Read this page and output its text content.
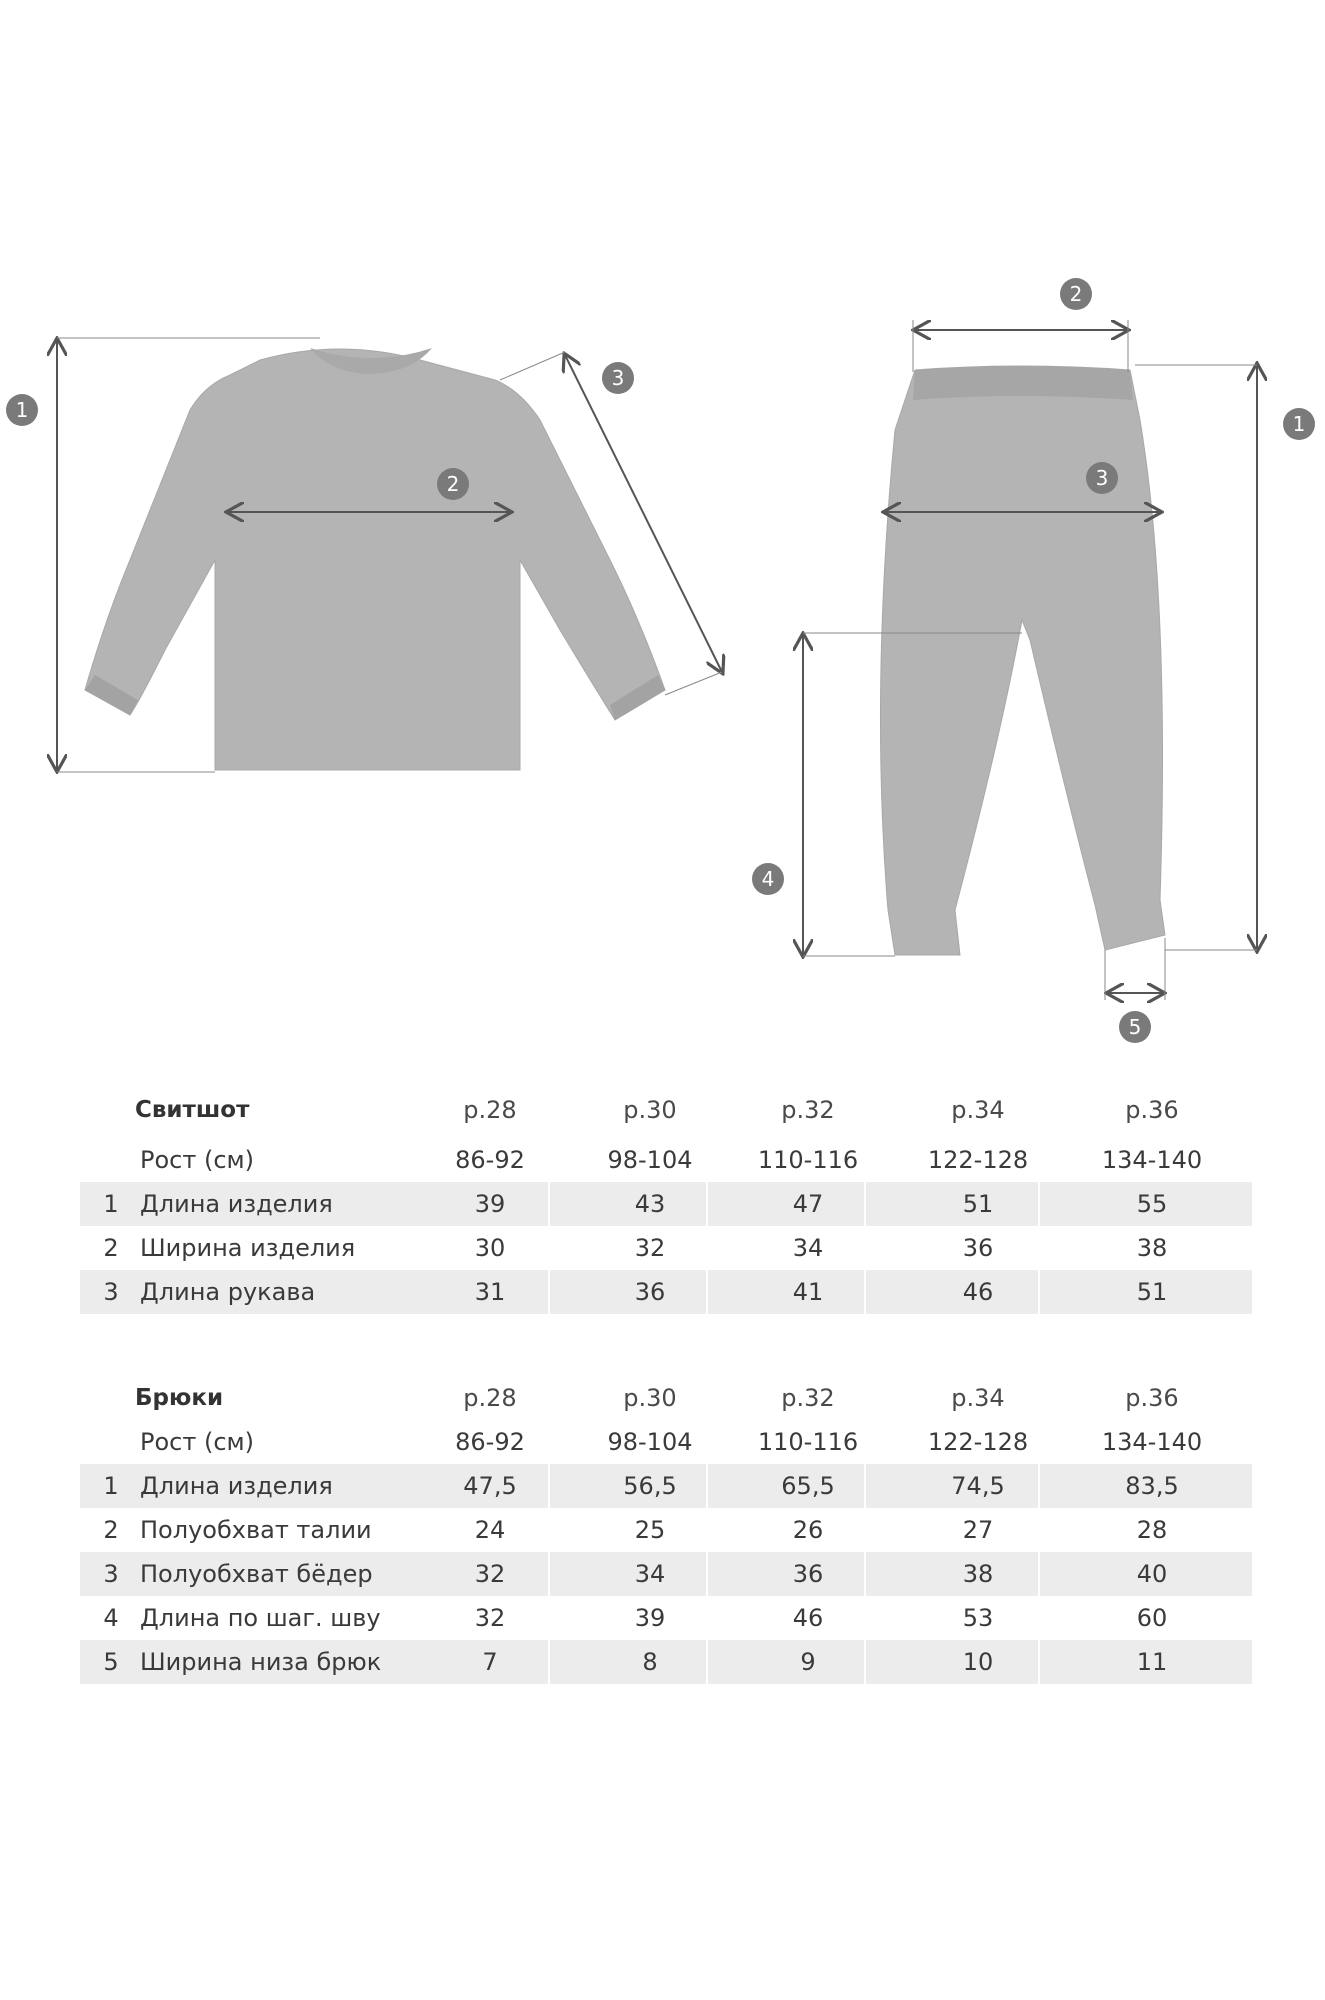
1
2
3
2
1
3
4
5
Свитшот	р.28	р.30	р.32	р.34	р.36
Рост (см)	86-92	98-104	110-116	122-128	134-140
1 Длина изделия	39	43	47	51	55
2 Ширина изделия	30	32	34	36	38
3 Длина рукава	31	36	41	46	51
Брюки	р.28	р.30	р.32	р.34	р.36
Рост (см)	86-92	98-104	110-116	122-128	134-140
1 Длина изделия	47,5	56,5	65,5	74,5	83,5
2 Полуобхват талии	24	25	26	27	28
3 Полуобхват бёдер	32	34	36	38	40
4 Длина по шаг. шву	32	39	46	53	60
5 Ширина низа брюк	7	8	9	10	11
